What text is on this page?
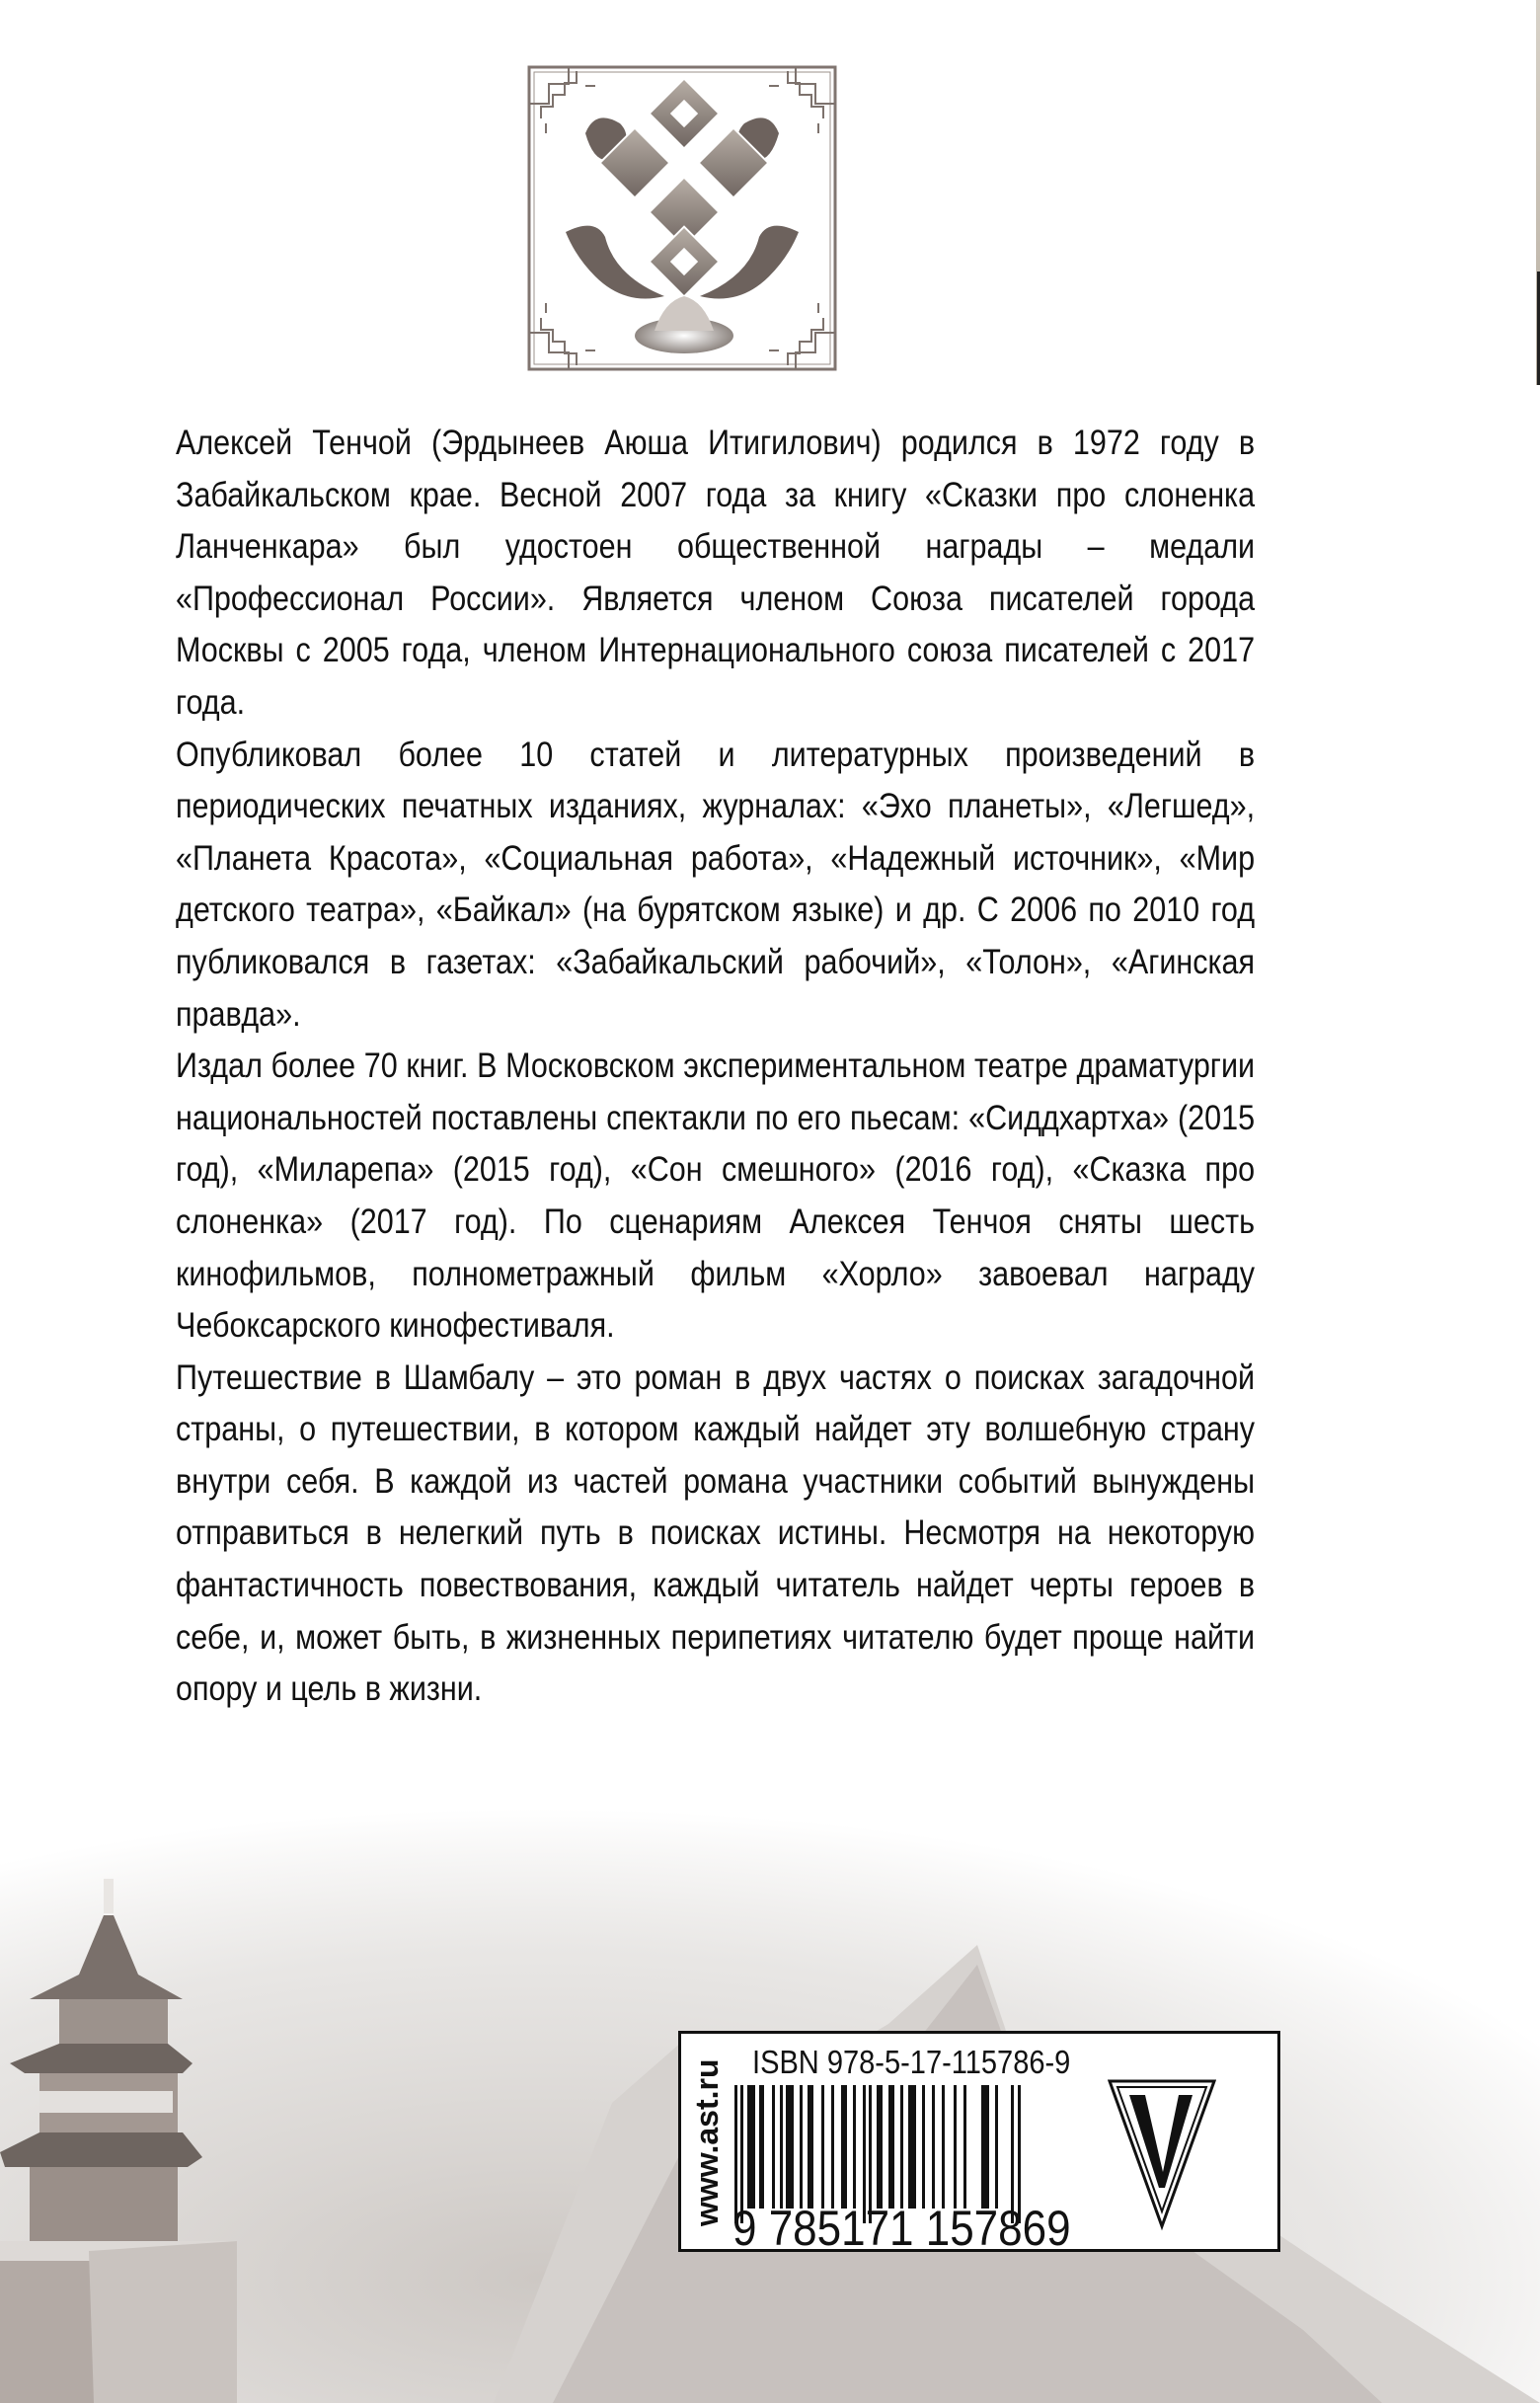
Алексей Тенчой (Эрдынеев Аюша Итигилович) родился в 1972 году в Забайкальском крае. Весной 2007 года за книгу «Сказки про слоненка Ланченкара» был удостоен общественной награды – медали «Профессионал России». Является членом Союза писателей города Москвы с 2005 года, членом Интернационального союза писателей с 2017 года.

Опубликовал более 10 статей и литературных произведений в периодических печатных изданиях, журналах: «Эхо планеты», «Легшед», «Планета Красота», «Социальная работа», «Надежный источник», «Мир детского театра», «Байкал» (на бурятском языке) и др. С 2006 по 2010 год публиковался в газетах: «Забайкальский рабочий», «Толон», «Агинская правда».

Издал более 70 книг. В Московском экспериментальном театре драматургии национальностей поставлены спектакли по его пьесам: «Сиддхартха» (2015 год), «Миларепа» (2015 год), «Сон смешного» (2016 год), «Сказка про слоненка» (2017 год). По сценариям Алексея Тенчоя сняты шесть кинофильмов, полнометражный фильм «Хорло» завоевал награду Чебоксарского кинофестиваля.

Путешествие в Шамбалу – это роман в двух частях о поисках загадочной страны, о путешествии, в котором каждый найдет эту волшебную страну внутри себя. В каждой из частей романа участники событий вынуждены отправиться в нелегкий путь в поисках истины. Несмотря на некоторую фантастичность повествования, каждый читатель найдет черты героев в себе, и, может быть, в жизненных перипетиях читателю будет проще найти опору и цель в жизни.

www.ast.ru ISBN 978-5-17-115786-9
9 785171 157869
